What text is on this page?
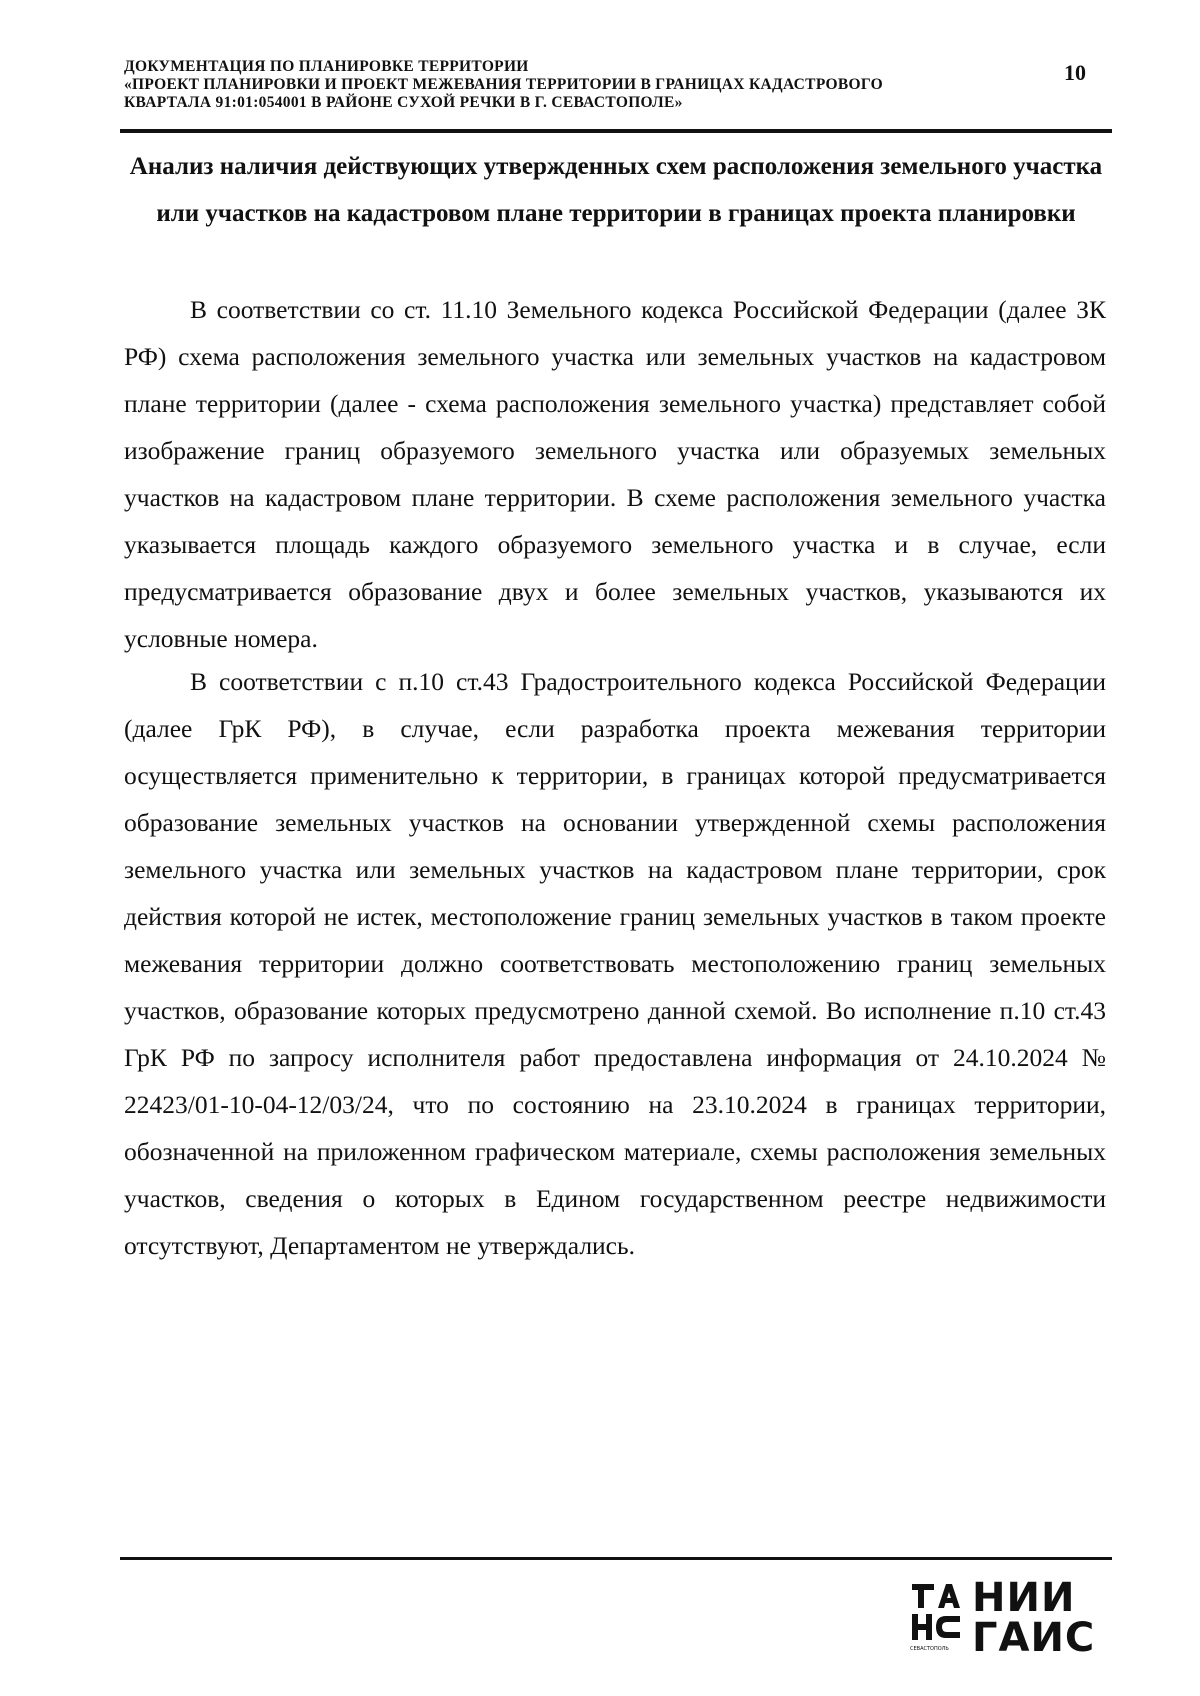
ДОКУМЕНТАЦИЯ ПО ПЛАНИРОВКЕ ТЕРРИТОРИИ
«ПРОЕКТ ПЛАНИРОВКИ И ПРОЕКТ МЕЖЕВАНИЯ ТЕРРИТОРИИ В ГРАНИЦАХ КАДАСТРОВОГО
КВАРТАЛА 91:01:054001 В РАЙОНЕ СУХОЙ РЕЧКИ В Г. СЕВАСТОПОЛЕ»
10
Анализ наличия действующих утвержденных схем расположения земельного участка или участков на кадастровом плане территории в границах проекта планировки

В соответствии со ст. 11.10 Земельного кодекса Российской Федерации (далее ЗК РФ) схема расположения земельного участка или земельных участков на кадастровом плане территории (далее - схема расположения земельного участка) представляет собой изображение границ образуемого земельного участка или образуемых земельных участков на кадастровом плане территории. В схеме расположения земельного участка указывается площадь каждого образуемого земельного участка и в случае, если предусматривается образование двух и более земельных участков, указываются их условные номера.

В соответствии с п.10 ст.43 Градостроительного кодекса Российской Федерации (далее ГрК РФ), в случае, если разработка проекта межевания территории осуществляется применительно к территории, в границах которой предусматривается образование земельных участков на основании утвержденной схемы расположения земельного участка или земельных участков на кадастровом плане территории, срок действия которой не истек, местоположение границ земельных участков в таком проекте межевания территории должно соответствовать местоположению границ земельных участков, образование которых предусмотрено данной схемой. Во исполнение п.10 ст.43 ГрК РФ по запросу исполнителя работ предоставлена информация от 24.10.2024 № 22423/01-10-04-12/03/24, что по состоянию на 23.10.2024 в границах территории, обозначенной на приложенном графическом материале, схемы расположения земельных участков, сведения о которых в Едином государственном реестре недвижимости отсутствуют, Департаментом не утверждались.

СЕВАСТОПОЛЬ
НИИ
ГАИС
